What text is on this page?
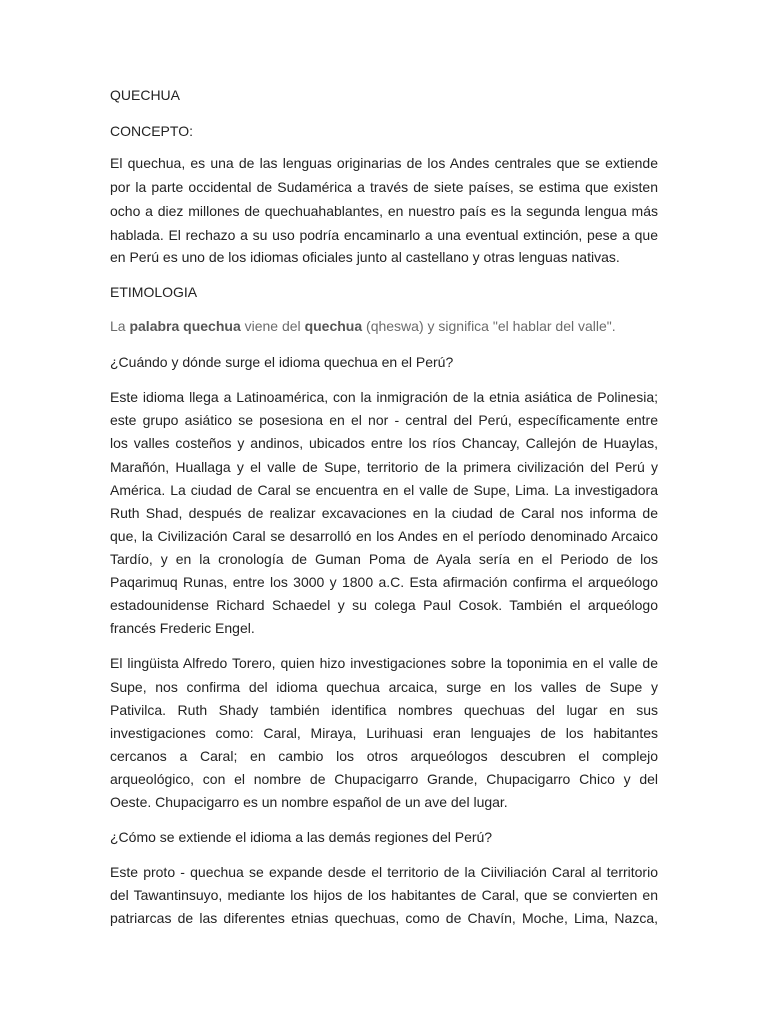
QUECHUA
CONCEPTO:
El quechua, es una de las lenguas originarias de los Andes centrales que se extiende
por la parte occidental de Sudamérica a través de siete países, se estima que existen
ocho a diez millones de quechuahablantes, en nuestro país es la segunda lengua más
hablada. El rechazo a su uso podría encaminarlo a una eventual extinción, pese a que
en Perú es uno de los idiomas oficiales junto al castellano y otras lenguas nativas.
ETIMOLOGIA
La palabra quechua viene del quechua (qheswa) y significa "el hablar del valle".
¿Cuándo y dónde surge el idioma quechua en el Perú?
Este idioma llega a Latinoamérica, con la inmigración de la etnia asiática de Polinesia;
este grupo asiático se posesiona en el nor - central del Perú, específicamente entre
los valles costeños y andinos, ubicados entre los ríos Chancay, Callejón de Huaylas,
Marañón, Huallaga y el valle de Supe, territorio de la primera civilización del Perú y
América. La ciudad de Caral se encuentra en el valle de Supe, Lima. La investigadora
Ruth Shad, después de realizar excavaciones en la ciudad de Caral nos informa de
que, la Civilización Caral se desarrolló en los Andes en el período denominado Arcaico
Tardío, y en la cronología de Guman Poma de Ayala sería en el Periodo de los
Paqarimuq Runas, entre los 3000 y 1800 a.C. Esta afirmación confirma el arqueólogo
estadounidense Richard Schaedel y su colega Paul Cosok. También el arqueólogo
francés Frederic Engel.
El lingüista Alfredo Torero, quien hizo investigaciones sobre la toponimia en el valle de
Supe, nos confirma del idioma quechua arcaica, surge en los valles de Supe y
Pativilca. Ruth Shady también identifica nombres quechuas del lugar en sus
investigaciones como: Caral, Miraya, Lurihuasi eran lenguajes de los habitantes
cercanos a Caral; en cambio los otros arqueólogos descubren el complejo
arqueológico, con el nombre de Chupacigarro Grande, Chupacigarro Chico y del
Oeste. Chupacigarro es un nombre español de un ave del lugar.
¿Cómo se extiende el idioma a las demás regiones del Perú?
Este proto - quechua se expande desde el territorio de la Ciiviliación Caral al territorio
del Tawantinsuyo, mediante los hijos de los habitantes de Caral, que se convierten en
patriarcas de las diferentes etnias quechuas, como de Chavín, Moche, Lima, Nazca,
